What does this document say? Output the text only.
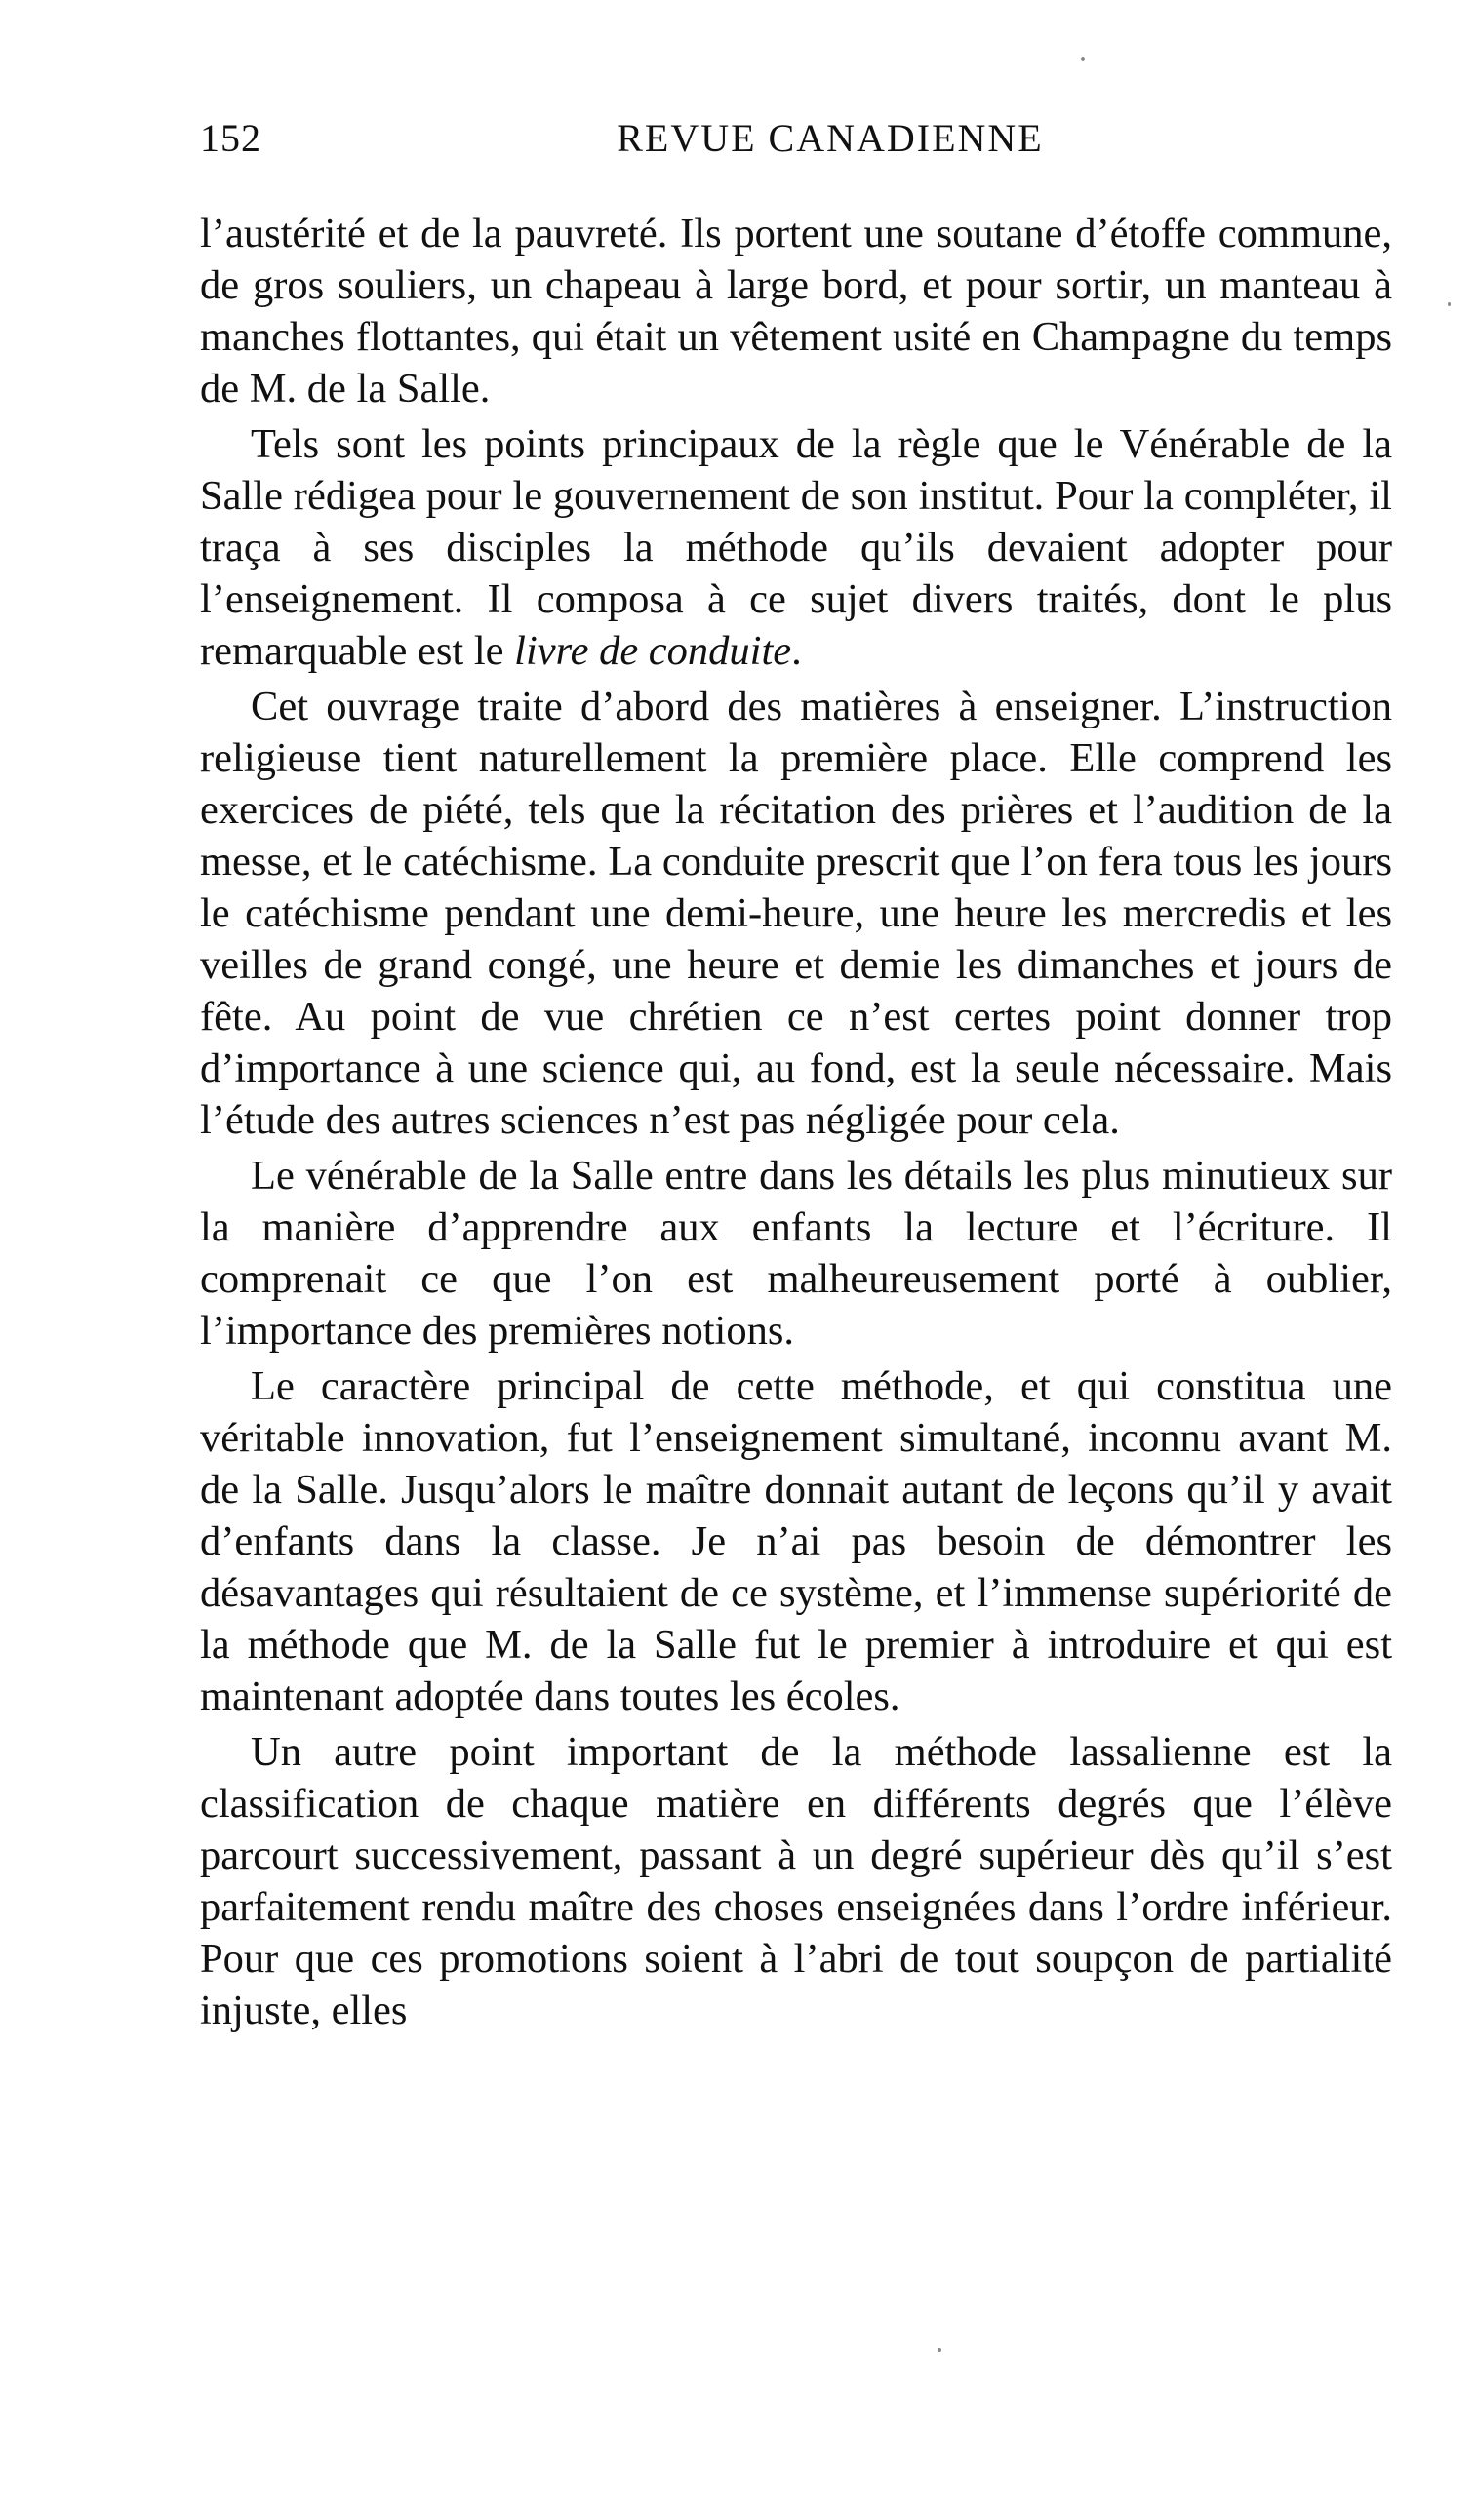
152	REVUE CANADIENNE

l’austérité et de la pauvreté. Ils portent une soutane d’étoffe commune, de gros souliers, un chapeau à large bord, et pour sortir, un manteau à manches flottantes, qui était un vêtement usité en Champagne du temps de M. de la Salle.

Tels sont les points principaux de la règle que le Vénérable de la Salle rédigea pour le gouvernement de son institut. Pour la compléter, il traça à ses disciples la méthode qu’ils devaient adopter pour l’enseignement. Il composa à ce sujet divers traités, dont le plus remarquable est le livre de conduite.

Cet ouvrage traite d’abord des matières à enseigner. L’instruction religieuse tient naturellement la première place. Elle comprend les exercices de piété, tels que la récitation des prières et l’audition de la messe, et le catéchisme. La conduite prescrit que l’on fera tous les jours le catéchisme pendant une demi-heure, une heure les mercredis et les veilles de grand congé, une heure et demie les dimanches et jours de fête. Au point de vue chrétien ce n’est certes point donner trop d’importance à une science qui, au fond, est la seule nécessaire. Mais l’étude des autres sciences n’est pas négligée pour cela.

Le vénérable de la Salle entre dans les détails les plus minutieux sur la manière d’apprendre aux enfants la lecture et l’écriture. Il comprenait ce que l’on est malheureusement porté à oublier, l’importance des premières notions.

Le caractère principal de cette méthode, et qui constitua une véritable innovation, fut l’enseignement simultané, inconnu avant M. de la Salle. Jusqu’alors le maître donnait autant de leçons qu’il y avait d’enfants dans la classe. Je n’ai pas besoin de démontrer les désavantages qui résultaient de ce système, et l’immense supériorité de la méthode que M. de la Salle fut le premier à introduire et qui est maintenant adoptée dans toutes les écoles.

Un autre point important de la méthode lassalienne est la classification de chaque matière en différents degrés que l’élève parcourt successivement, passant à un degré supérieur dès qu’il s’est parfaitement rendu maître des choses enseignées dans l’ordre inférieur. Pour que ces promotions soient à l’abri de tout soupçon de partialité injuste, elles
